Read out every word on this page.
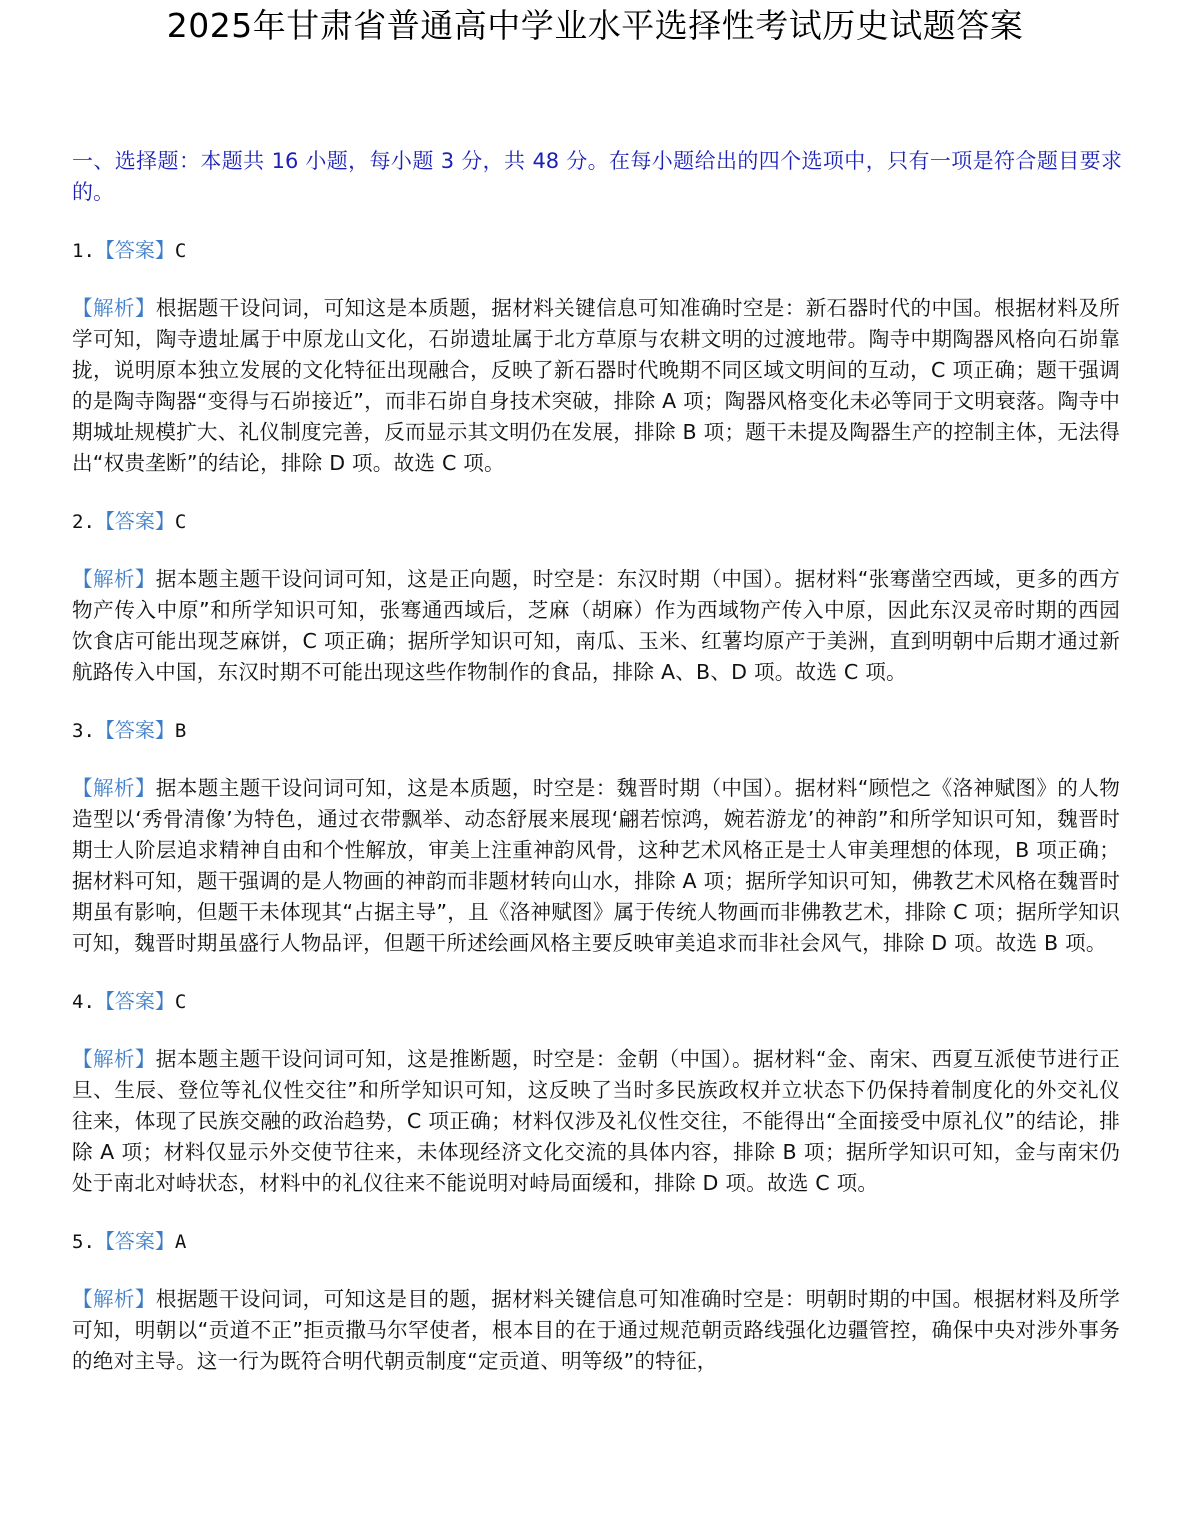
2025年甘肃省普通高中学业水平选择性考试历史试题答案
一、选择题：本题共 16 小题，每小题 3 分，共 48 分。在每小题给出的四个选项中，只有一项是符合题目要求的。

1.【答案】C

【解析】根据题干设问词，可知这是本质题，据材料关键信息可知准确时空是：新石器时代的中国。根据材料及所学可知，陶寺遗址属于中原龙山文化，石峁遗址属于北方草原与农耕文明的过渡地带。陶寺中期陶器风格向石峁靠拢，说明原本独立发展的文化特征出现融合，反映了新石器时代晚期不同区域文明间的互动，C 项正确；题干强调的是陶寺陶器“变得与石峁接近”，而非石峁自身技术突破，排除 A 项；陶器风格变化未必等同于文明衰落。陶寺中期城址规模扩大、礼仪制度完善，反而显示其文明仍在发展，排除 B 项；题干未提及陶器生产的控制主体，无法得出“权贵垄断”的结论，排除 D 项。故选 C 项。

2.【答案】C

【解析】据本题主题干设问词可知，这是正向题，时空是：东汉时期（中国）。据材料“张骞凿空西域，更多的西方物产传入中原”和所学知识可知，张骞通西域后，芝麻（胡麻）作为西域物产传入中原，因此东汉灵帝时期的西园饮食店可能出现芝麻饼，C 项正确；据所学知识可知，南瓜、玉米、红薯均原产于美洲，直到明朝中后期才通过新航路传入中国，东汉时期不可能出现这些作物制作的食品，排除 A、B、D 项。故选 C 项。

3.【答案】B

【解析】据本题主题干设问词可知，这是本质题，时空是：魏晋时期（中国）。据材料“顾恺之《洛神赋图》的人物造型以‘秀骨清像’为特色，通过衣带飘举、动态舒展来展现‘翩若惊鸿，婉若游龙’的神韵”和所学知识可知，魏晋时期士人阶层追求精神自由和个性解放，审美上注重神韵风骨，这种艺术风格正是士人审美理想的体现，B 项正确；据材料可知，题干强调的是人物画的神韵而非题材转向山水，排除 A 项；据所学知识可知，佛教艺术风格在魏晋时期虽有影响，但题干未体现其“占据主导”，且《洛神赋图》属于传统人物画而非佛教艺术，排除 C 项；据所学知识可知，魏晋时期虽盛行人物品评，但题干所述绘画风格主要反映审美追求而非社会风气，排除 D 项。故选 B 项。

4.【答案】C

【解析】据本题主题干设问词可知，这是推断题，时空是：金朝（中国）。据材料“金、南宋、西夏互派使节进行正旦、生辰、登位等礼仪性交往”和所学知识可知，这反映了当时多民族政权并立状态下仍保持着制度化的外交礼仪往来，体现了民族交融的政治趋势，C 项正确；材料仅涉及礼仪性交往，不能得出“全面接受中原礼仪”的结论，排除 A 项；材料仅显示外交使节往来，未体现经济文化交流的具体内容，排除 B 项；据所学知识可知，金与南宋仍处于南北对峙状态，材料中的礼仪往来不能说明对峙局面缓和，排除 D 项。故选 C 项。

5.【答案】A

【解析】根据题干设问词，可知这是目的题，据材料关键信息可知准确时空是：明朝时期的中国。根据材料及所学可知，明朝以“贡道不正”拒贡撒马尔罕使者，根本目的在于通过规范朝贡路线强化边疆管控，确保中央对涉外事务的绝对主导。这一行为既符合明代朝贡制度“定贡道、明等级”的特征，
